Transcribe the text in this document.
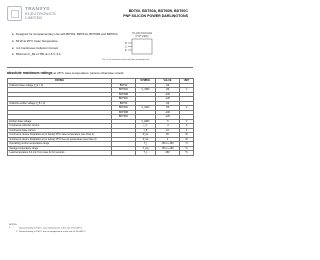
TRANSYS
ELECTRONICS
LIMITED
BDT60, BDT60A, BDT60B, BDT60C
PNP SILICON POWER DARLINGTONS
● Designed for Complementary Use with BDT61, BDT61A, BDT61B and BDT61C
● 50 W at 25°C Case Temperature
● 4 A Continuous Collector Current
● Minimum h_FE of 750 at 1.5 V, 3 A
TO-220 PACKAGE
(TOP VIEW)
B
C
E
Pin 2 is in electrical contact with the mounting base.
absolute maximum ratings at 25°C case temperature (unless otherwise noted)
RATING		SYMBOL	VALUE	UNIT
Collector-base voltage (I_E = 0)	BDT60		-60	
	BDT60A	V_CBO	-80	V
	BDT60B		-100	
	BDT60C		-120	
Collector-emitter voltage (I_B = 0)	BDT60		-60	
	BDT60A	V_CEO	-80	V
	BDT60B		-100	
	BDT60C		-120	
Emitter-base voltage		V_EBO	-5	V
Continuous collector current		I_C	-4	A
Continuous base current		I_B	-0.1	A
Continuous device dissipation at (or below) 25°C case temperature (see Note 1)		P_tot	50	W
Continuous device dissipation at (or below) 25°C free air temperature (see Note 2)		P_tot	2	W
Operating junction temperature range		T_j	-65 to +150	°C
Storage temperature range		T_stg	-65 to +150	°C
Lead temperature 3.2 mm from case for 10 seconds		T_L	260	°C
NOTES: 1.	Derate linearly to 150°C case temperature at the rate of 0.4 W/°C.
2.Derate linearly to 150°C free air temperature at the rate of 16 mW/°C.
